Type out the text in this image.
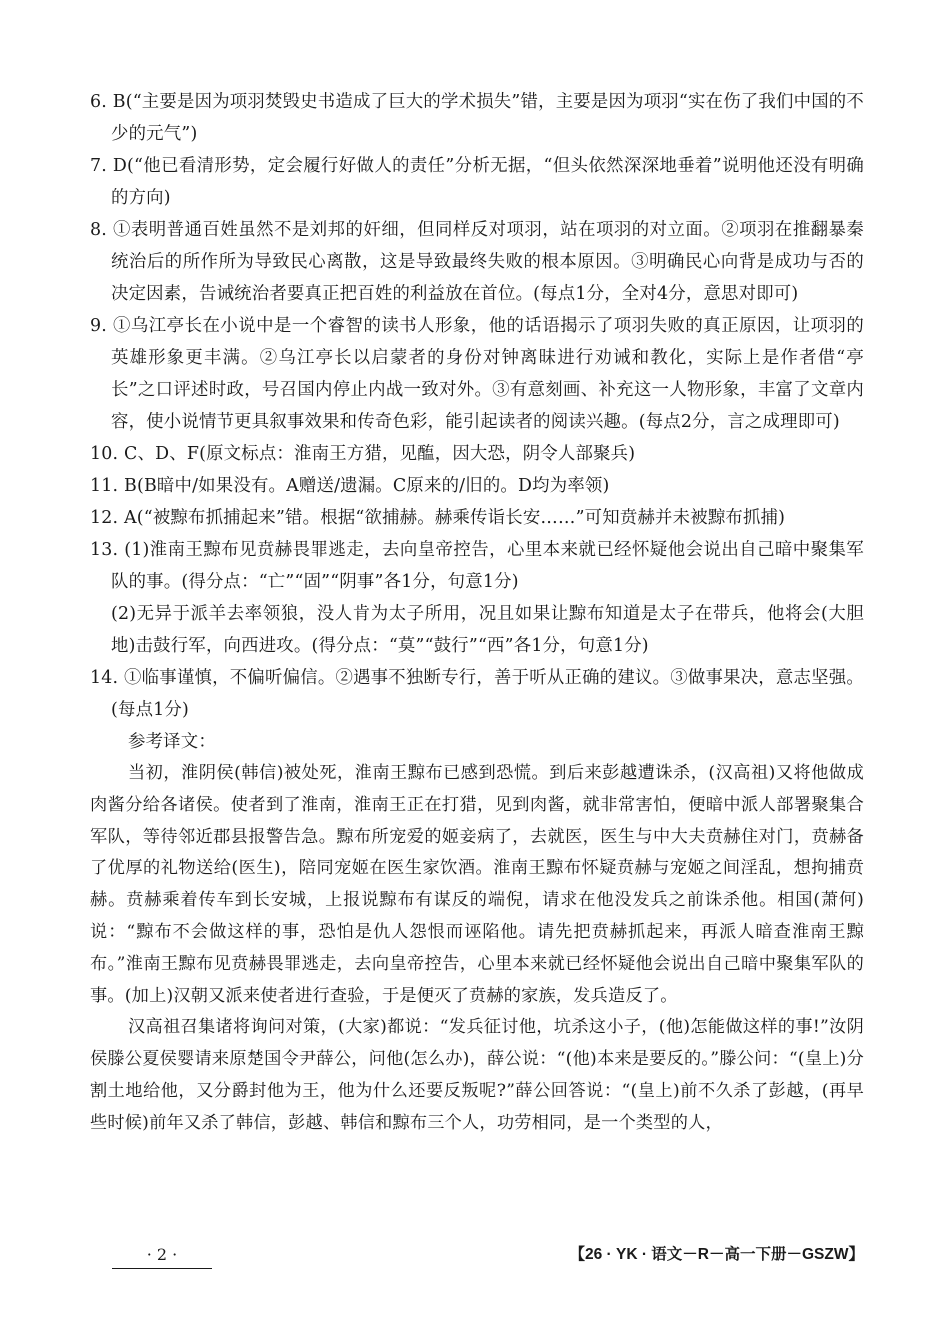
6. B(“主要是因为项羽焚毁史书造成了巨大的学术损失”错，主要是因为项羽“实在伤了我们中国的不少的元气”)

7. D(“他已看清形势，定会履行好做人的责任”分析无据，“但头依然深深地垂着”说明他还没有明确的方向)

8. ①表明普通百姓虽然不是刘邦的奸细，但同样反对项羽，站在项羽的对立面。②项羽在推翻暴秦统治后的所作所为导致民心离散，这是导致最终失败的根本原因。③明确民心向背是成功与否的决定因素，告诫统治者要真正把百姓的利益放在首位。(每点1分，全对4分，意思对即可)

9. ①乌江亭长在小说中是一个睿智的读书人形象，他的话语揭示了项羽失败的真正原因，让项羽的英雄形象更丰满。②乌江亭长以启蒙者的身份对钟离昧进行劝诫和教化，实际上是作者借“亭长”之口评述时政，号召国内停止内战一致对外。③有意刻画、补充这一人物形象，丰富了文章内容，使小说情节更具叙事效果和传奇色彩，能引起读者的阅读兴趣。(每点2分，言之成理即可)

10. C、D、F(原文标点：淮南王方猎，见醢，因大恐，阴令人部聚兵)

11. B(B暗中/如果没有。A赠送/遗漏。C原来的/旧的。D均为率领)

12. A(“被黥布抓捕起来”错。根据“欲捕赫。赫乘传诣长安……”可知贲赫并未被黥布抓捕)

13. (1)淮南王黥布见贲赫畏罪逃走，去向皇帝控告，心里本来就已经怀疑他会说出自己暗中聚集军队的事。(得分点：“亡”“固”“阴事”各1分，句意1分)

(2)无异于派羊去率领狼，没人肯为太子所用，况且如果让黥布知道是太子在带兵，他将会(大胆地)击鼓行军，向西进攻。(得分点：“莫”“鼓行”“西”各1分，句意1分)

14. ①临事谨慎，不偏听偏信。②遇事不独断专行，善于听从正确的建议。③做事果决，意志坚强。(每点1分)

参考译文：

当初，淮阴侯(韩信)被处死，淮南王黥布已感到恐慌。到后来彭越遭诛杀，(汉高祖)又将他做成肉酱分给各诸侯。使者到了淮南，淮南王正在打猎，见到肉酱，就非常害怕，便暗中派人部署聚集合军队，等待邻近郡县报警告急。黥布所宠爱的姬妾病了，去就医，医生与中大夫贲赫住对门，贲赫备了优厚的礼物送给(医生)，陪同宠姬在医生家饮酒。淮南王黥布怀疑贲赫与宠姬之间淫乱，想拘捕贲赫。贲赫乘着传车到长安城，上报说黥布有谋反的端倪，请求在他没发兵之前诛杀他。相国(萧何)说：“黥布不会做这样的事，恐怕是仇人怨恨而诬陷他。请先把贲赫抓起来，再派人暗查淮南王黥布。”淮南王黥布见贲赫畏罪逃走，去向皇帝控告，心里本来就已经怀疑他会说出自己暗中聚集军队的事。(加上)汉朝又派来使者进行查验，于是便灭了贲赫的家族，发兵造反了。

汉高祖召集诸将询问对策，(大家)都说：“发兵征讨他，坑杀这小子，(他)怎能做这样的事!”汝阴侯滕公夏侯婴请来原楚国令尹薛公，问他(怎么办)，薛公说：“(他)本来是要反的。”滕公问：“(皇上)分割土地给他，又分爵封他为王，他为什么还要反叛呢?”薛公回答说：“(皇上)前不久杀了彭越，(再早些时候)前年又杀了韩信，彭越、韩信和黥布三个人，功劳相同，是一个类型的人，

· 2 ·	【26 · YK · 语文－R－高一下册－GSZW】
